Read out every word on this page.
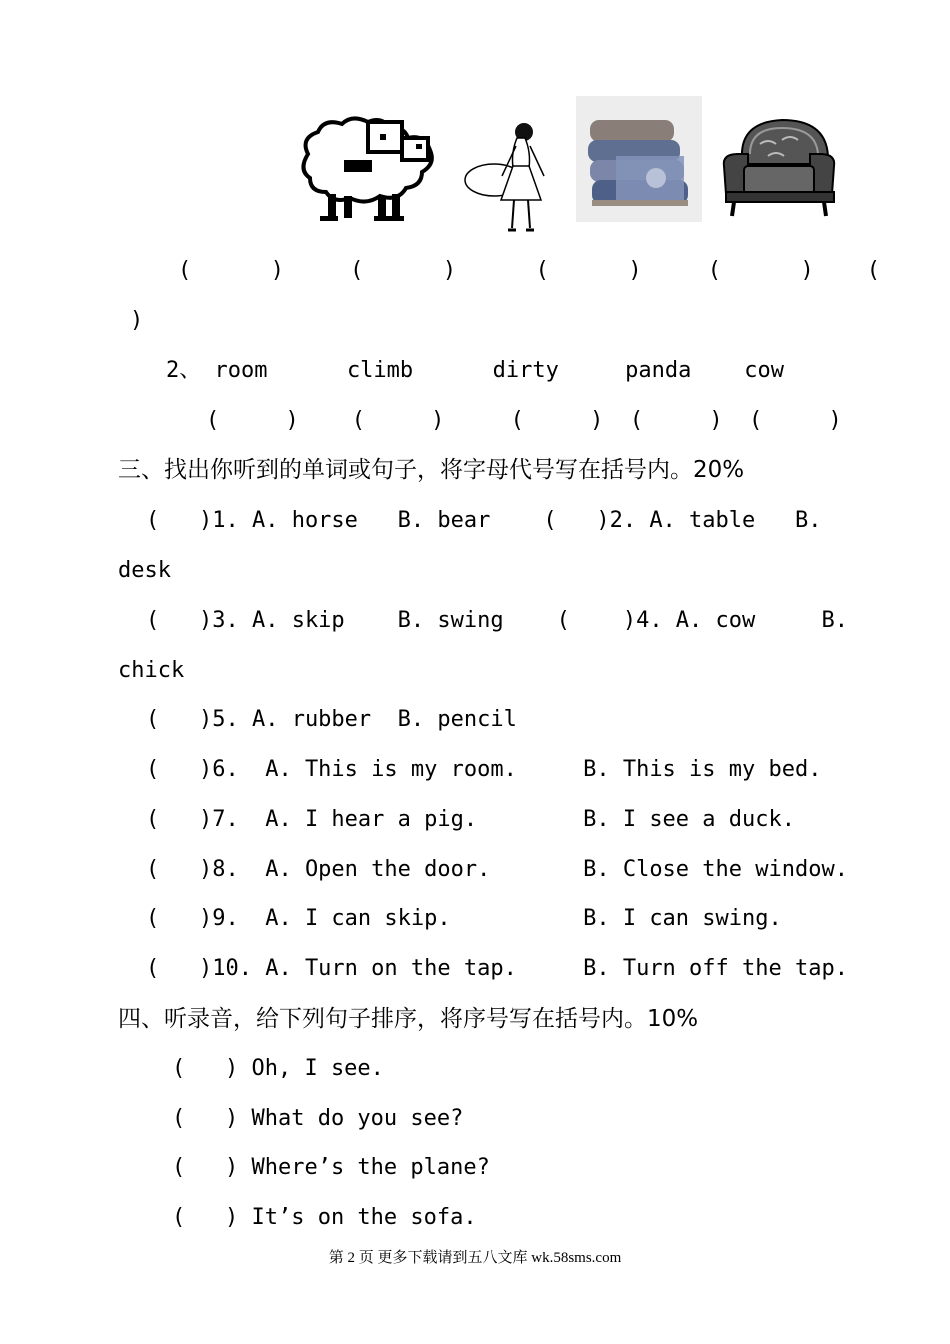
(      )     (      )      (      )     (      )    (
)
2、 room      climb      dirty     panda    cow
(     )    (     )     (     )  (     )  (     )
三、找出你听到的单词或句子，将字母代号写在括号内。20%
(   )1. A. horse   B. bear    (   )2. A. table   B.
desk
(   )3. A. skip    B. swing    (    )4. A. cow     B.
chick
(   )5. A. rubber  B. pencil
(   )6.  A. This is my room.     B. This is my bed.
(   )7.  A. I hear a pig.        B. I see a duck.
(   )8.  A. Open the door.       B. Close the window.
(   )9.  A. I can skip.          B. I can swing.
(   )10. A. Turn on the tap.     B. Turn off the tap.
四、听录音，给下列句子排序，将序号写在括号内。10%
(   ) Oh, I see.
(   ) What do you see?
(   ) Where’s the plane?
(   ) It’s on the sofa.
第 2 页 更多下载请到五八文库 wk.58sms.com
